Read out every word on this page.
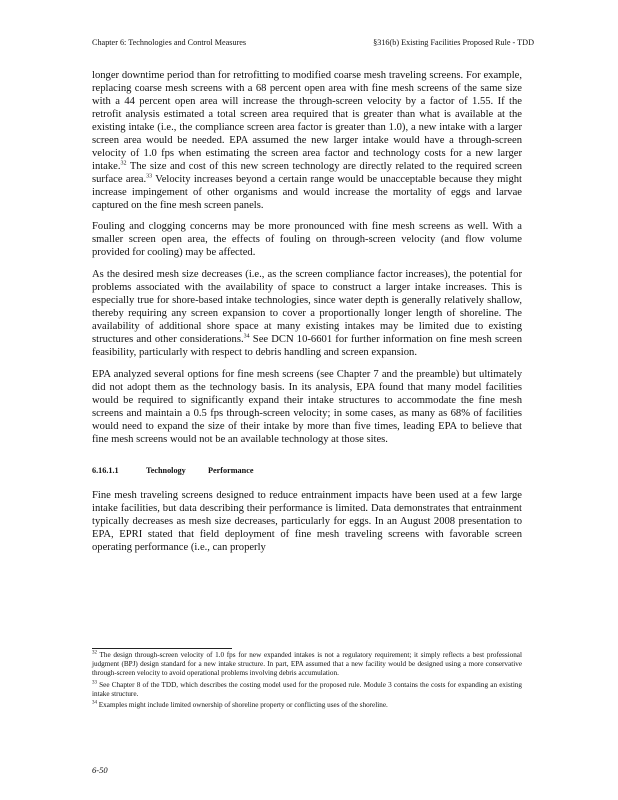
Chapter 6: Technologies and Control Measures	§316(b) Existing Facilities Proposed Rule - TDD

longer downtime period than for retrofitting to modified coarse mesh traveling screens. For example, replacing coarse mesh screens with a 68 percent open area with fine mesh screens of the same size with a 44 percent open area will increase the through-screen velocity by a factor of 1.55. If the retrofit analysis estimated a total screen area required that is greater than what is available at the existing intake (i.e., the compliance screen area factor is greater than 1.0), a new intake with a larger screen area would be needed. EPA assumed the new larger intake would have a through-screen velocity of 1.0 fps when estimating the screen area factor and technology costs for a new larger intake.$^{32}$ The size and cost of this new screen technology are directly related to the required screen surface area.$^{33}$ Velocity increases beyond a certain range would be unacceptable because they might increase impingement of other organisms and would increase the mortality of eggs and larvae captured on the fine mesh screen panels.

Fouling and clogging concerns may be more pronounced with fine mesh screens as well. With a smaller screen open area, the effects of fouling on through-screen velocity (and flow volume provided for cooling) may be affected.

As the desired mesh size decreases (i.e., as the screen compliance factor increases), the potential for problems associated with the availability of space to construct a larger intake increases. This is especially true for shore-based intake technologies, since water depth is generally relatively shallow, thereby requiring any screen expansion to cover a proportionally longer length of shoreline. The availability of additional shore space at many existing intakes may be limited due to existing structures and other considerations.$^{34}$ See DCN 10-6601 for further information on fine mesh screen feasibility, particularly with respect to debris handling and screen expansion.

EPA analyzed several options for fine mesh screens (see Chapter 7 and the preamble) but ultimately did not adopt them as the technology basis. In its analysis, EPA found that many model facilities would be required to significantly expand their intake structures to accommodate the fine mesh screens and maintain a 0.5 fps through-screen velocity; in some cases, as many as 68% of facilities would need to expand the size of their intake by more than five times, leading EPA to believe that fine mesh screens would not be an available technology at those sites.

6.16.1.1	Technology	Performance

Fine mesh traveling screens designed to reduce entrainment impacts have been used at a few large intake facilities, but data describing their performance is limited. Data demonstrates that entrainment typically decreases as mesh size decreases, particularly for eggs. In an August 2008 presentation to EPA, EPRI stated that field deployment of fine mesh traveling screens with favorable screen operating performance (i.e., can properly

$^{32}$ The design through-screen velocity of 1.0 fps for new expanded intakes is not a regulatory requirement; it simply reflects a best professional judgment (BPJ) design standard for a new intake structure. In part, EPA assumed that a new facility would be designed using a more conservative through-screen velocity to avoid operational problems involving debris accumulation.

$^{33}$ See Chapter 8 of the TDD, which describes the costing model used for the proposed rule. Module 3 contains the costs for expanding an existing intake structure.

$^{34}$ Examples might include limited ownership of shoreline property or conflicting uses of the shoreline.

6-50
